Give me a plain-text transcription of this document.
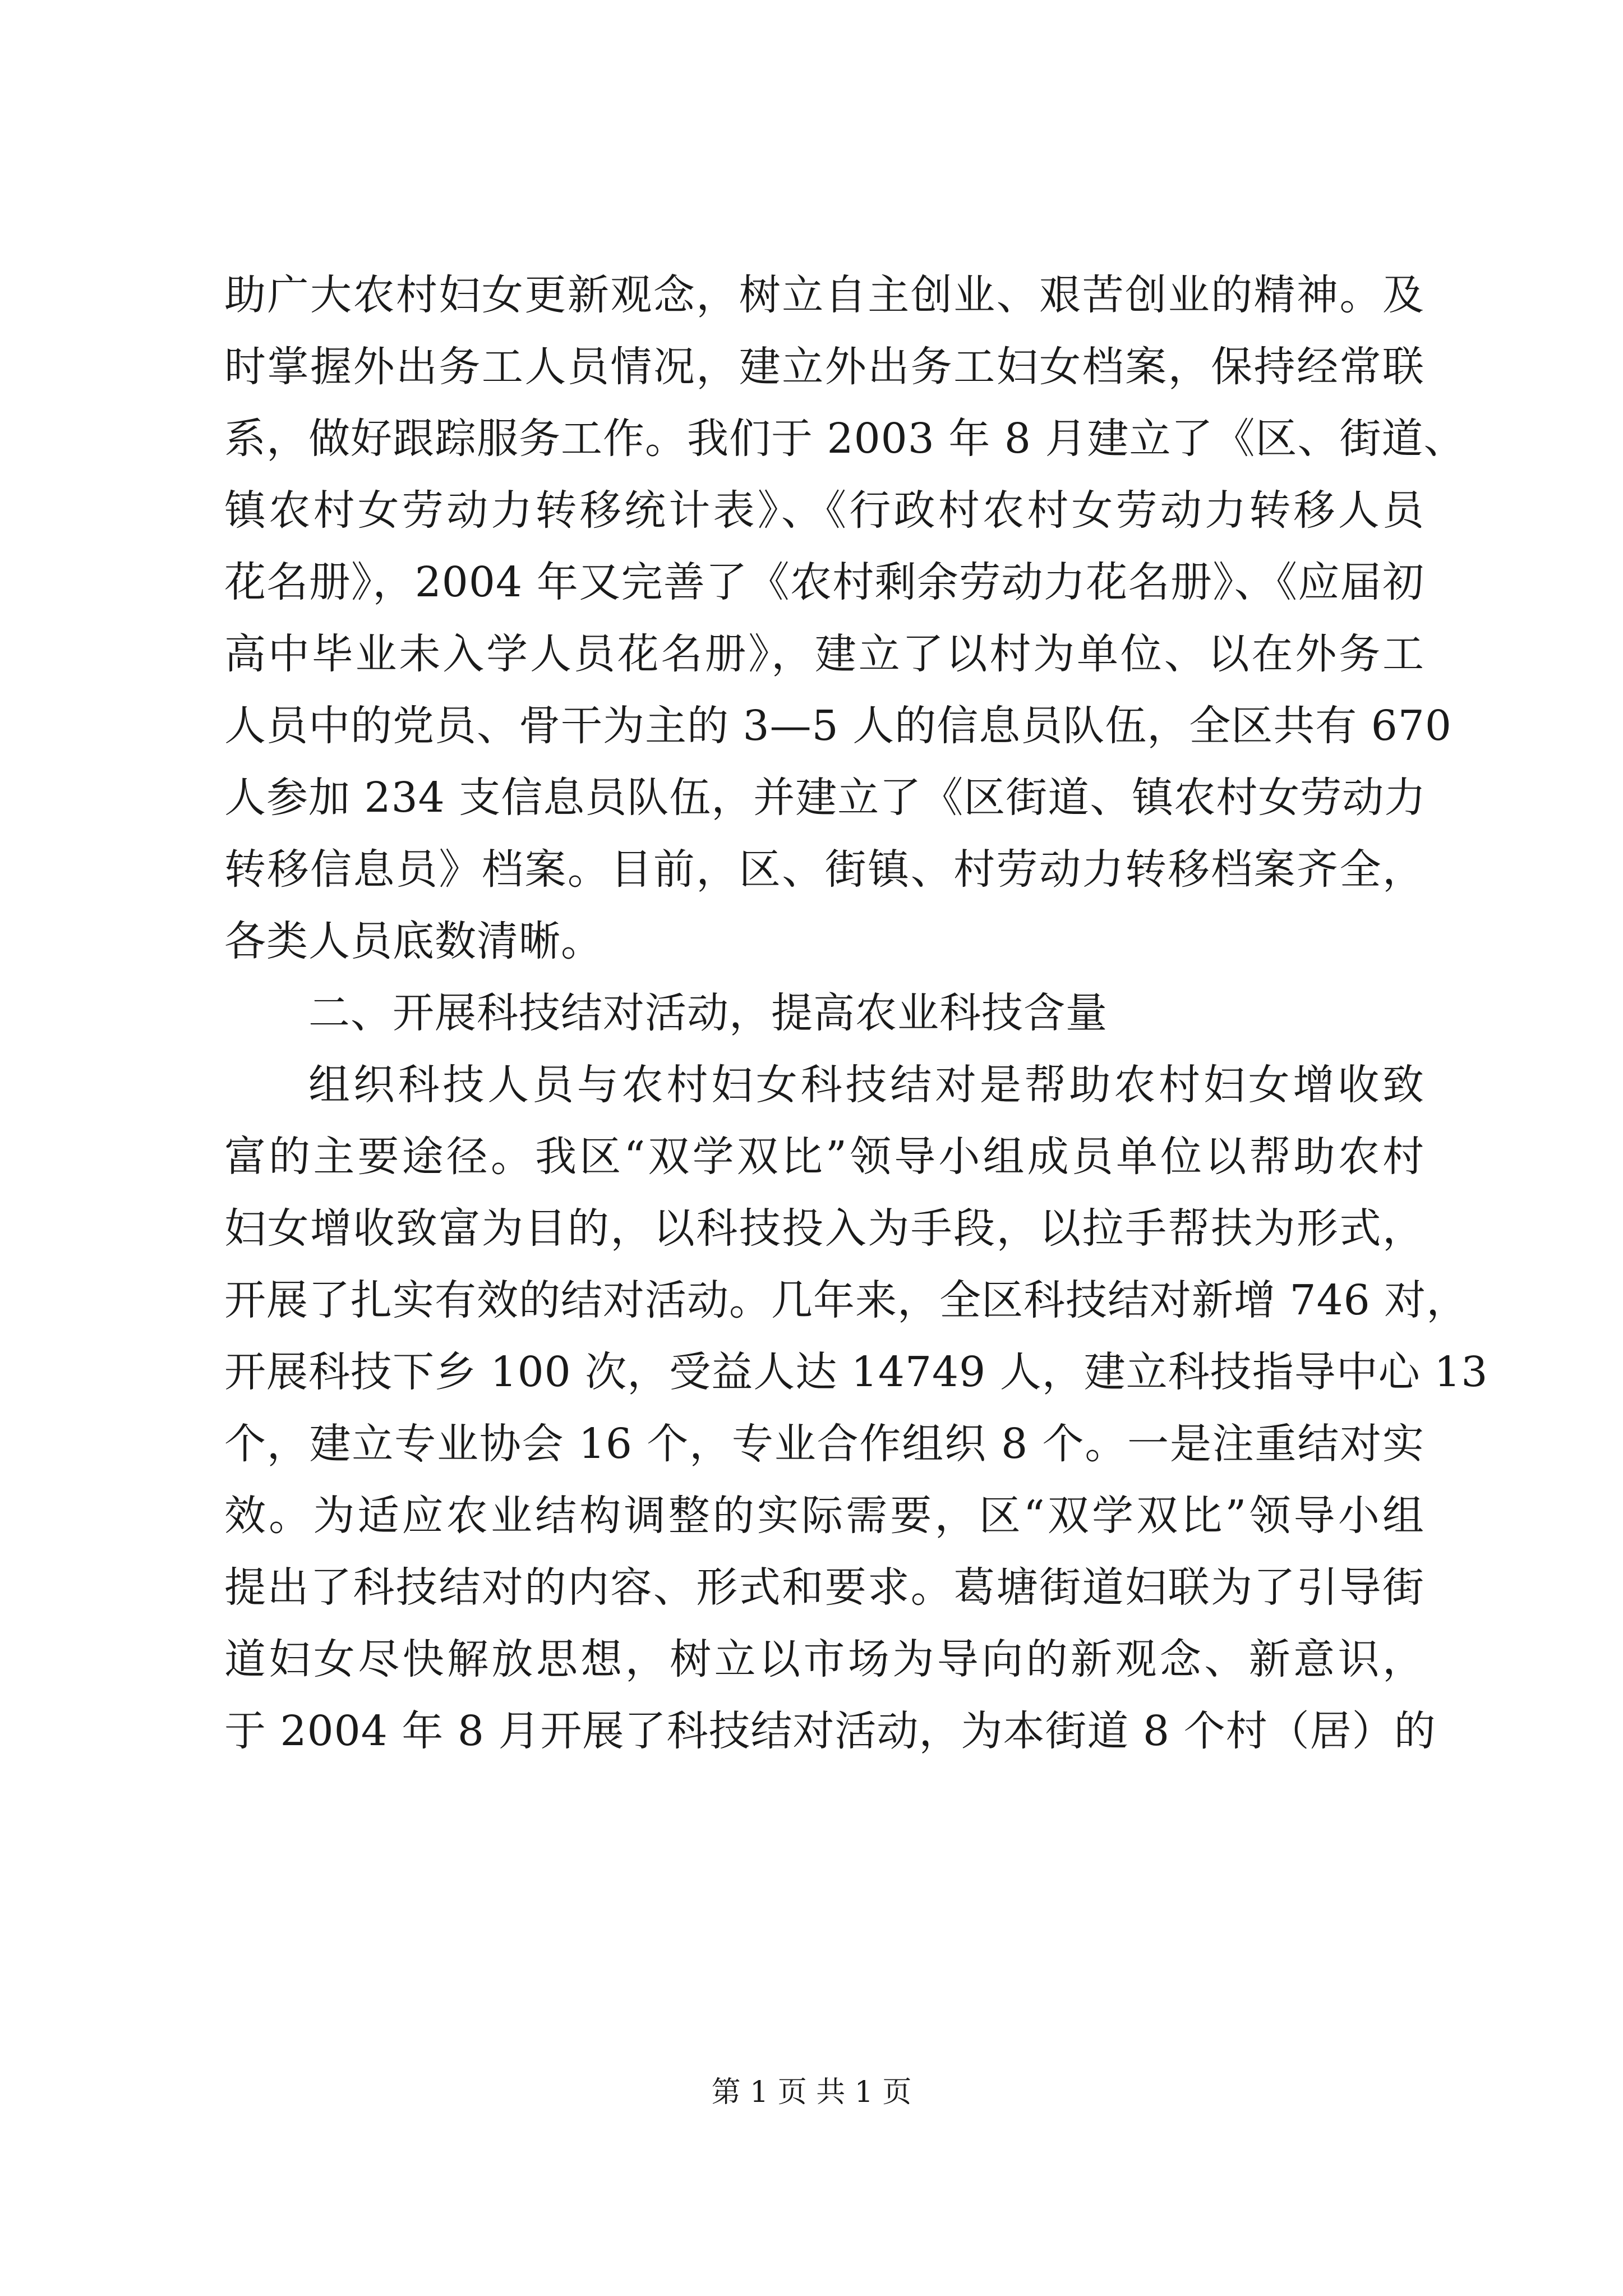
助广大农村妇女更新观念，树立自主创业、艰苦创业的精神。及
时掌握外出务工人员情况，建立外出务工妇女档案，保持经常联
系，做好跟踪服务工作。我们于 2003 年 8 月建立了《区、街道、
镇农村女劳动力转移统计表》、《行政村农村女劳动力转移人员
花名册》，2004 年又完善了《农村剩余劳动力花名册》、《应届初
高中毕业未入学人员花名册》，建立了以村为单位、以在外务工
人员中的党员、骨干为主的 3—5 人的信息员队伍，全区共有 670
人参加 234 支信息员队伍，并建立了《区街道、镇农村女劳动力
转移信息员》档案。目前，区、街镇、村劳动力转移档案齐全，
各类人员底数清晰。
二、开展科技结对活动，提高农业科技含量
组织科技人员与农村妇女科技结对是帮助农村妇女增收致
富的主要途径。我区“双学双比”领导小组成员单位以帮助农村
妇女增收致富为目的，以科技投入为手段，以拉手帮扶为形式，
开展了扎实有效的结对活动。几年来，全区科技结对新增 746 对，
开展科技下乡 100 次，受益人达 14749 人，建立科技指导中心 13
个，建立专业协会 16 个，专业合作组织 8 个。一是注重结对实
效。为适应农业结构调整的实际需要，区“双学双比”领导小组
提出了科技结对的内容、形式和要求。葛塘街道妇联为了引导街
道妇女尽快解放思想，树立以市场为导向的新观念、新意识，
于 2004 年 8 月开展了科技结对活动，为本街道 8 个村（居）的
第 1 页 共 1 页
